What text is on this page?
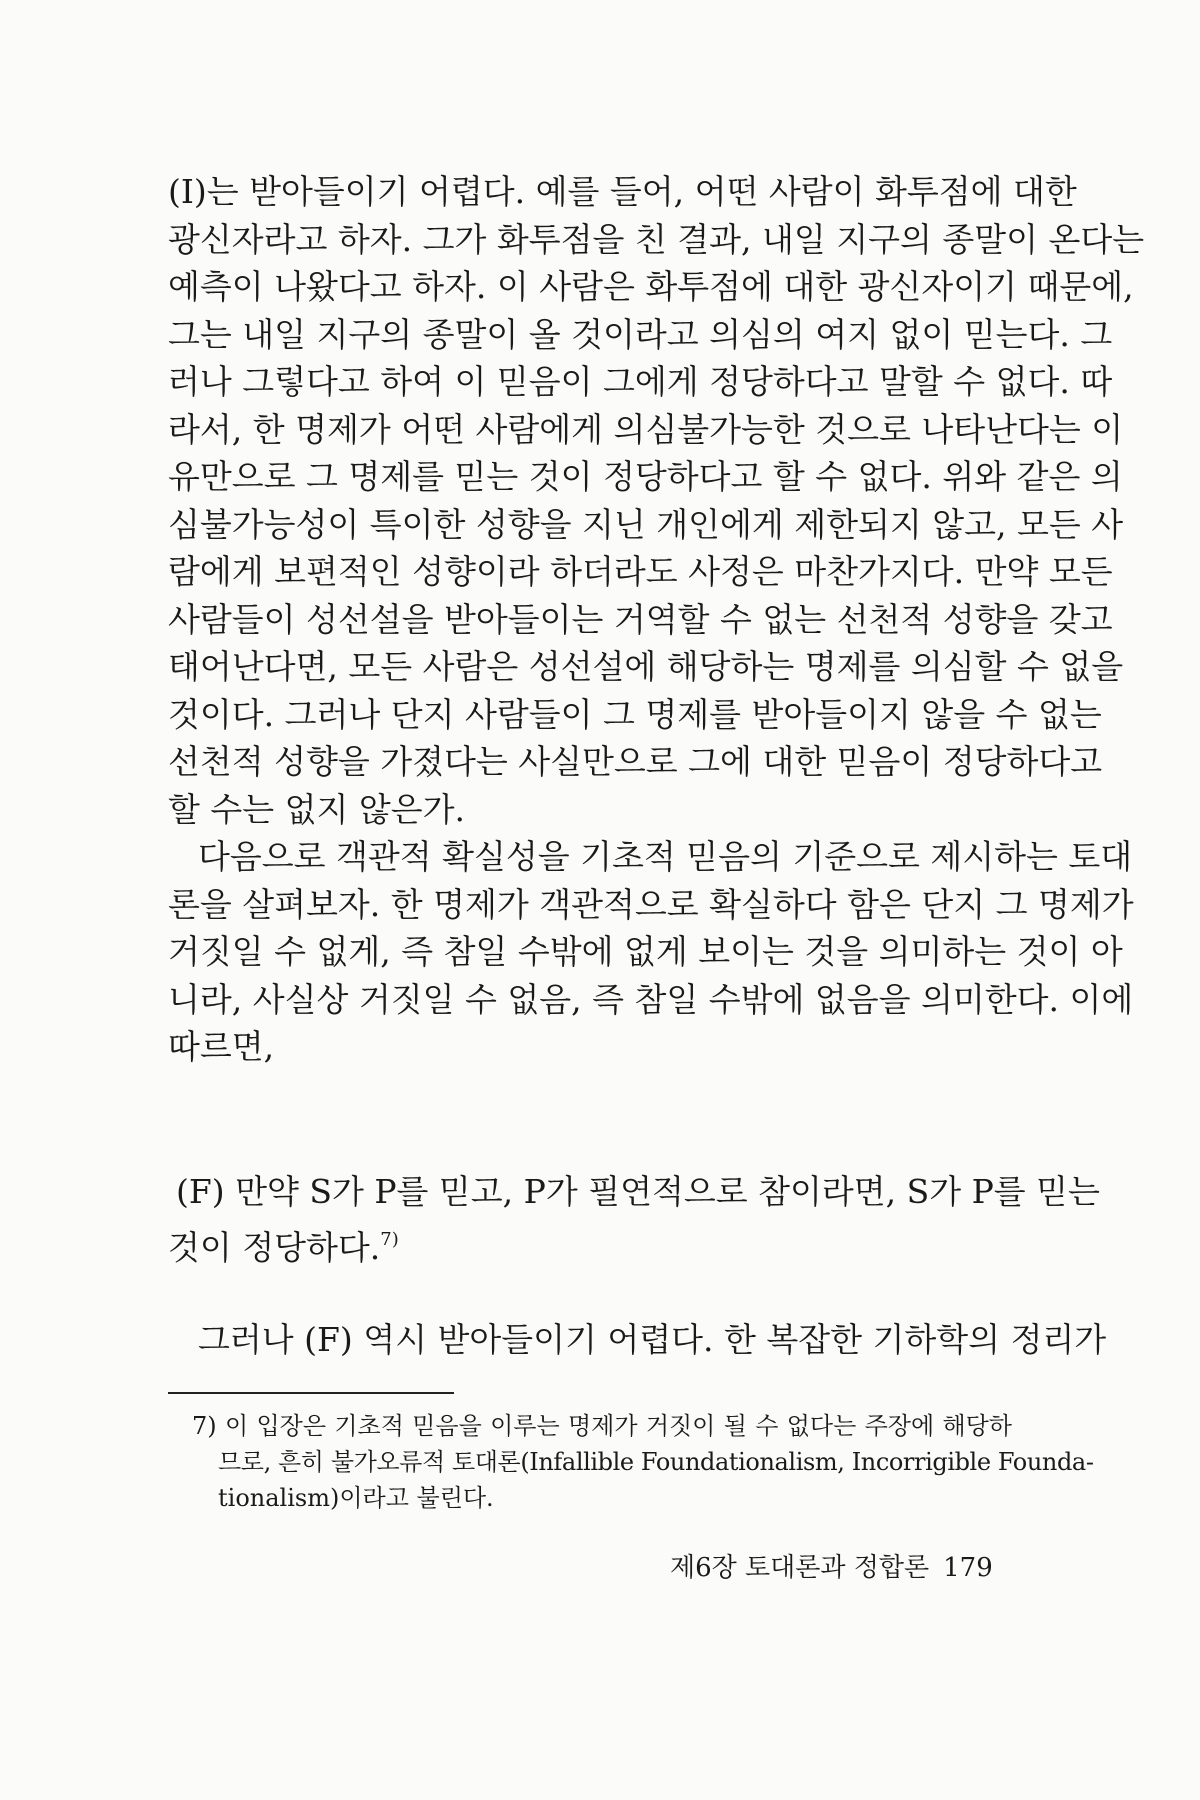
(I)는 받아들이기 어렵다. 예를 들어, 어떤 사람이 화투점에 대한
광신자라고 하자. 그가 화투점을 친 결과, 내일 지구의 종말이 온다는
예측이 나왔다고 하자. 이 사람은 화투점에 대한 광신자이기 때문에,
그는 내일 지구의 종말이 올 것이라고 의심의 여지 없이 믿는다. 그
러나 그렇다고 하여 이 믿음이 그에게 정당하다고 말할 수 없다. 따
라서, 한 명제가 어떤 사람에게 의심불가능한 것으로 나타난다는 이
유만으로 그 명제를 믿는 것이 정당하다고 할 수 없다. 위와 같은 의
심불가능성이 특이한 성향을 지닌 개인에게 제한되지 않고, 모든 사
람에게 보편적인 성향이라 하더라도 사정은 마찬가지다. 만약 모든
사람들이 성선설을 받아들이는 거역할 수 없는 선천적 성향을 갖고
태어난다면, 모든 사람은 성선설에 해당하는 명제를 의심할 수 없을
것이다. 그러나 단지 사람들이 그 명제를 받아들이지 않을 수 없는
선천적 성향을 가졌다는 사실만으로 그에 대한 믿음이 정당하다고
할 수는 없지 않은가.
다음으로 객관적 확실성을 기초적 믿음의 기준으로 제시하는 토대
론을 살펴보자. 한 명제가 객관적으로 확실하다 함은 단지 그 명제가
거짓일 수 없게, 즉 참일 수밖에 없게 보이는 것을 의미하는 것이 아
니라, 사실상 거짓일 수 없음, 즉 참일 수밖에 없음을 의미한다. 이에
따르면,
(F) 만약 S가 P를 믿고, P가 필연적으로 참이라면, S가 P를 믿는
것이 정당하다.$^{7)}$
그러나 (F) 역시 받아들이기 어렵다. 한 복잡한 기하학의 정리가
7) 이 입장은 기초적 믿음을 이루는 명제가 거짓이 될 수 없다는 주장에 해당하
므로, 흔히 불가오류적 토대론(Infallible Foundationalism, Incorrigible Founda-
tionalism)이라고 불린다.
제6장 토대론과 정합론 179
